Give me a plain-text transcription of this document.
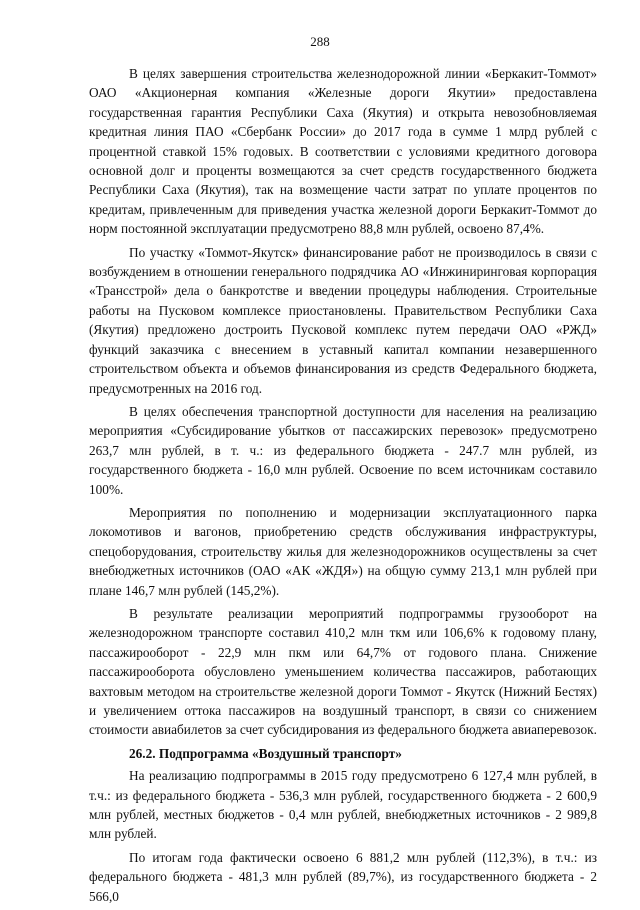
288

В целях завершения строительства железнодорожной линии «Беркакит-Томмот» ОАО «Акционерная компания «Железные дороги Якутии» предоставлена государственная гарантия Республики Саха (Якутия) и открыта невозобновляемая кредитная линия ПАО «Сбербанк России» до 2017 года в сумме 1 млрд рублей с процентной ставкой 15% годовых. В соответствии с условиями кредитного договора основной долг и проценты возмещаются за счет средств государственного бюджета Республики Саха (Якутия), так на возмещение части затрат по уплате процентов по кредитам, привлеченным для приведения участка железной дороги Беркакит-Томмот до норм постоянной эксплуатации предусмотрено 88,8 млн рублей, освоено 87,4%.

По участку «Томмот-Якутск» финансирование работ не производилось в связи с возбуждением в отношении генерального подрядчика АО «Инжиниринговая корпорация «Трансстрой» дела о банкротстве и введении процедуры наблюдения. Строительные работы на Пусковом комплексе приостановлены. Правительством Республики Саха (Якутия) предложено достроить Пусковой комплекс путем передачи ОАО «РЖД» функций заказчика с внесением в уставный капитал компании незавершенного строительством объекта и объемов финансирования из средств Федерального бюджета, предусмотренных на 2016 год.

В целях обеспечения транспортной доступности для населения на реализацию мероприятия «Субсидирование убытков от пассажирских перевозок» предусмотрено 263,7 млн рублей, в т. ч.: из федерального бюджета - 247.7 млн рублей, из государственного бюджета - 16,0 млн рублей. Освоение по всем источникам составило 100%.

Мероприятия по пополнению и модернизации эксплуатационного парка локомотивов и вагонов, приобретению средств обслуживания инфраструктуры, спецоборудования, строительству жилья для железнодорожников осуществлены за счет внебюджетных источников (ОАО «АК «ЖДЯ») на общую сумму 213,1 млн рублей при плане 146,7 млн рублей (145,2%).

В результате реализации мероприятий подпрограммы грузооборот на железнодорожном транспорте составил 410,2 млн ткм или 106,6% к годовому плану, пассажирооборот - 22,9 млн пкм или 64,7% от годового плана. Снижение пассажирооборота обусловлено уменьшением количества пассажиров, работающих вахтовым методом на строительстве железной дороги Томмот - Якутск (Нижний Бестях) и увеличением оттока пассажиров на воздушный транспорт, в связи со снижением стоимости авиабилетов за счет субсидирования из федерального бюджета авиаперевозок.

26.2. Подпрограмма «Воздушный транспорт»

На реализацию подпрограммы в 2015 году предусмотрено 6 127,4 млн рублей, в т.ч.: из федерального бюджета - 536,3 млн рублей, государственного бюджета - 2 600,9 млн рублей, местных бюджетов - 0,4 млн рублей, внебюджетных источников - 2 989,8 млн рублей.

По итогам года фактически освоено 6 881,2 млн рублей (112,3%), в т.ч.: из федерального бюджета - 481,3 млн рублей (89,7%), из государственного бюджета - 2 566,0
